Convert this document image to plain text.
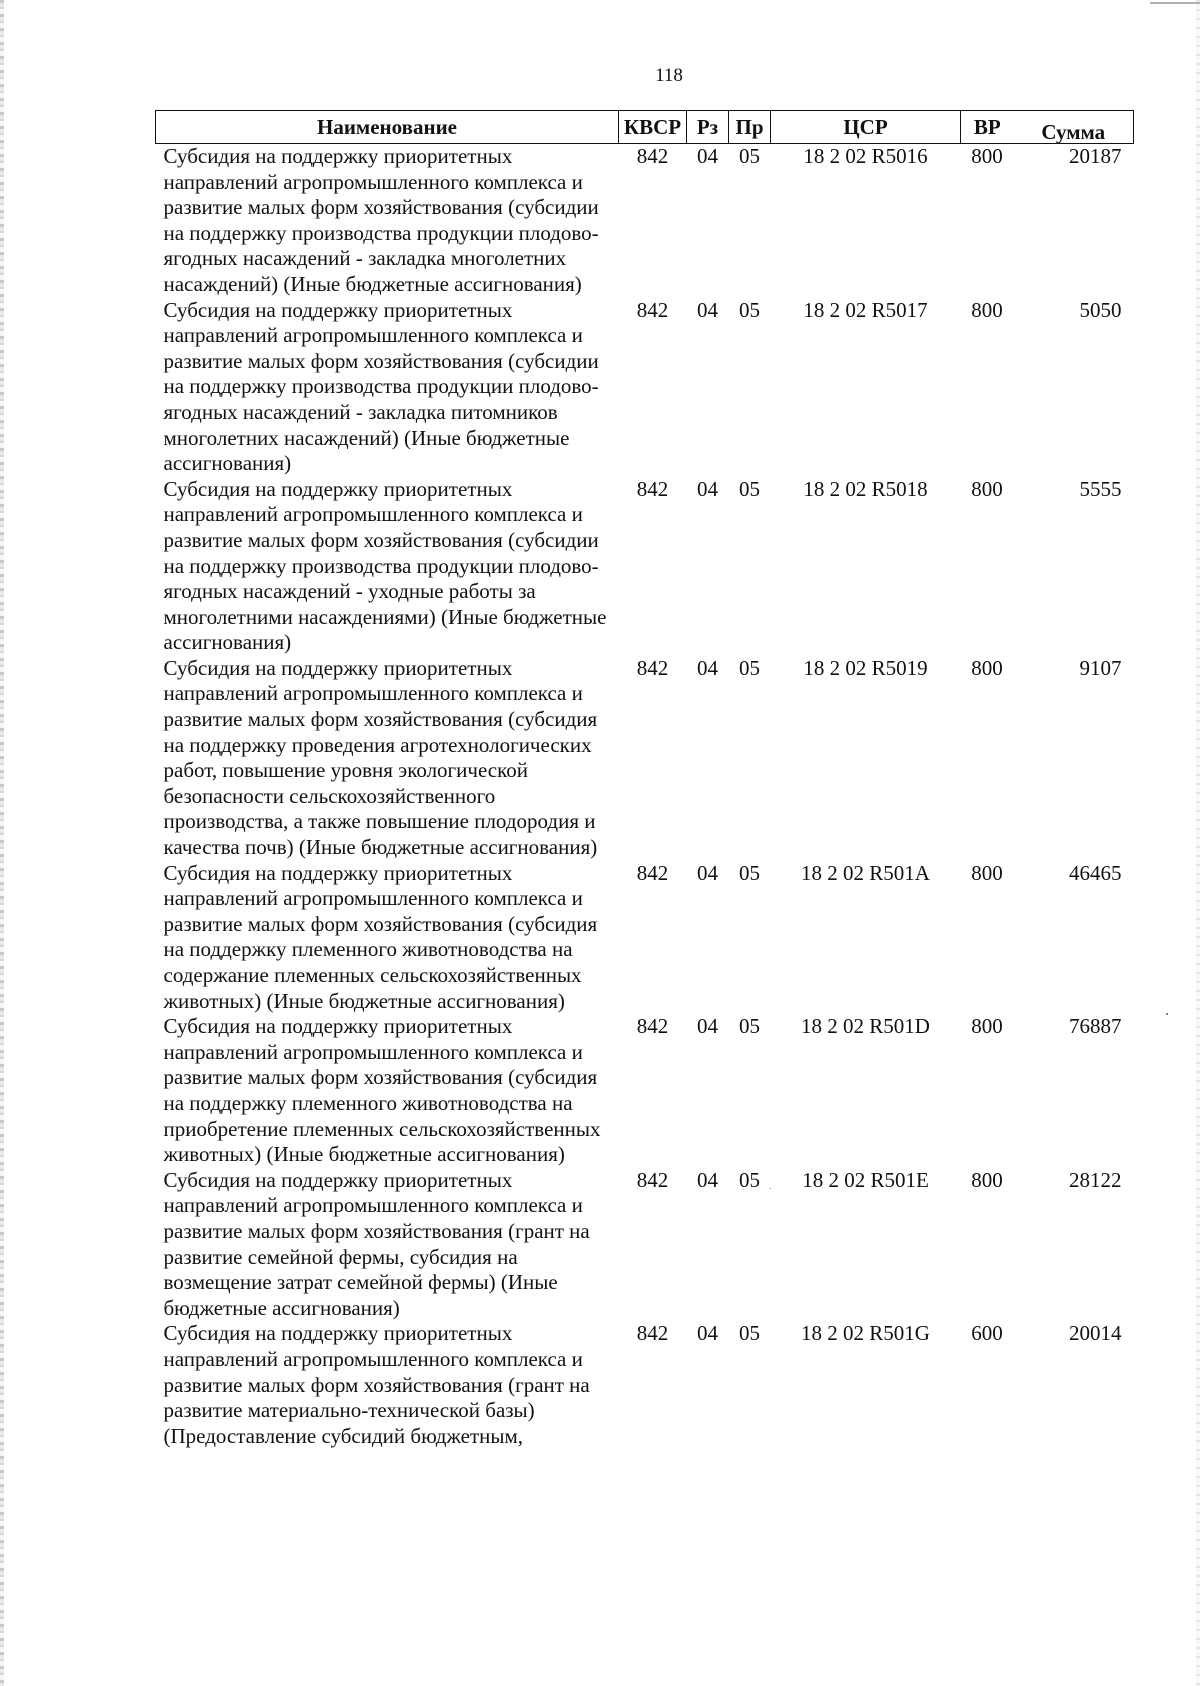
118
Наименование	КВСР	Рз	Пр	ЦСР	ВР	Сумма
Субсидия на поддержку приоритетных направлений агропромышленного комплекса и развитие малых форм хозяйствования (субсидии на поддержку производства продукции плодово-ягодных насаждений - закладка многолетних насаждений) (Иные бюджетные ассигнования)	842	04	05	18 2 02 R5016	800	20187
Субсидия на поддержку приоритетных направлений агропромышленного комплекса и развитие малых форм хозяйствования (субсидии на поддержку производства продукции плодово-ягодных насаждений - закладка питомников многолетних насаждений) (Иные бюджетные ассигнования)	842	04	05	18 2 02 R5017	800	5050
Субсидия на поддержку приоритетных направлений агропромышленного комплекса и развитие малых форм хозяйствования (субсидии на поддержку производства продукции плодово-ягодных насаждений - уходные работы за многолетними насаждениями) (Иные бюджетные ассигнования)	842	04	05	18 2 02 R5018	800	5555
Субсидия на поддержку приоритетных направлений агропромышленного комплекса и развитие малых форм хозяйствования (субсидия на поддержку проведения агротехнологических работ, повышение уровня экологической безопасности сельскохозяйственного производства, а также повышение плодородия и качества почв) (Иные бюджетные ассигнования)	842	04	05	18 2 02 R5019	800	9107
Субсидия на поддержку приоритетных направлений агропромышленного комплекса и развитие малых форм хозяйствования (субсидия на поддержку племенного животноводства на содержание племенных сельскохозяйственных животных) (Иные бюджетные ассигнования)	842	04	05	18 2 02 R501A	800	46465
Субсидия на поддержку приоритетных направлений агропромышленного комплекса и развитие малых форм хозяйствования (субсидия на поддержку племенного животноводства на приобретение племенных сельскохозяйственных животных) (Иные бюджетные ассигнования)	842	04	05	18 2 02 R501D	800	76887
Субсидия на поддержку приоритетных направлений агропромышленного комплекса и развитие малых форм хозяйствования (грант на развитие семейной фермы, субсидия на возмещение затрат семейной фермы) (Иные бюджетные ассигнования)	842	04	05	18 2 02 R501E	800	28122
Субсидия на поддержку приоритетных направлений агропромышленного комплекса и развитие малых форм хозяйствования (грант на развитие материально-технической базы) (Предоставление субсидий бюджетным,	842	04	05	18 2 02 R501G	600	20014
